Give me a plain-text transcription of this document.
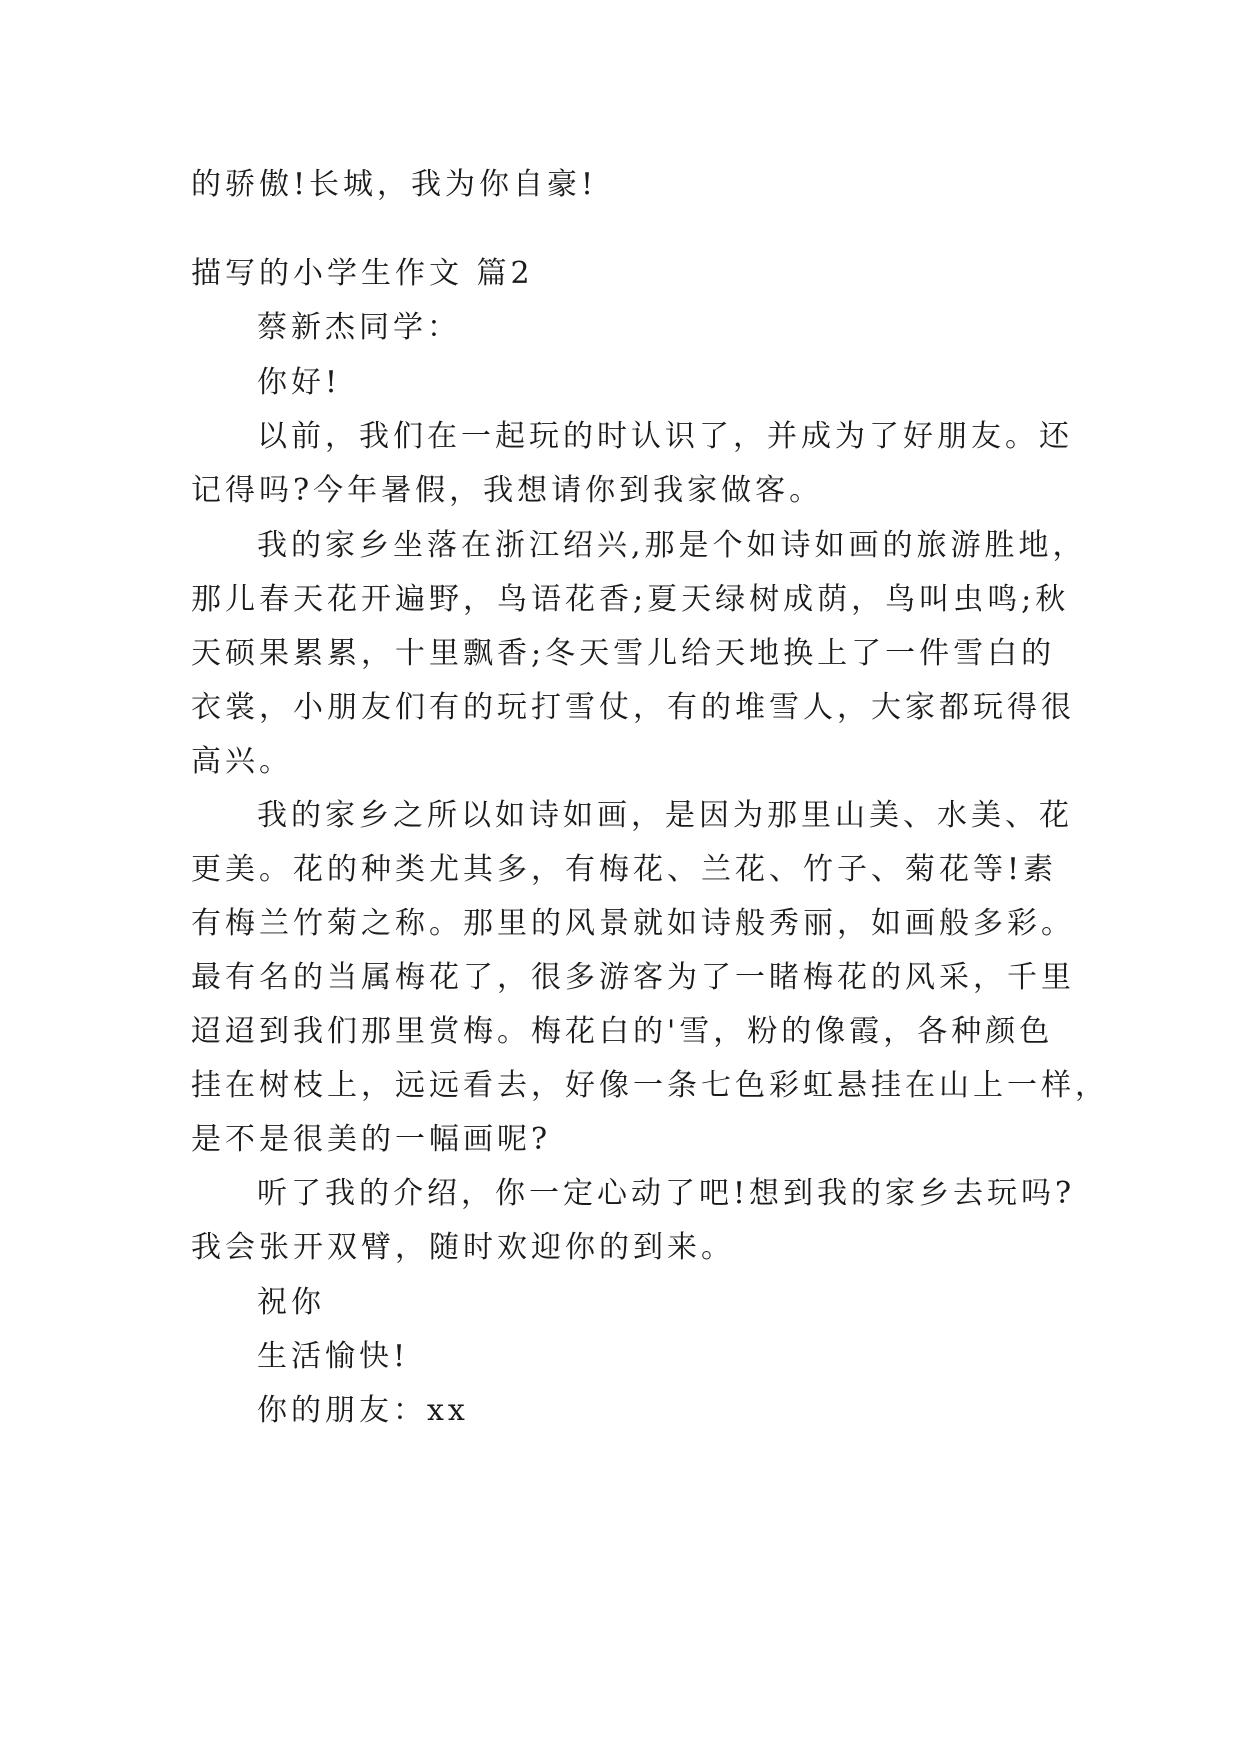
的骄傲!长城，我为你自豪!
描写的小学生作文 篇2
蔡新杰同学：
你好!
以前，我们在一起玩的时认识了，并成为了好朋友。还
记得吗?今年暑假，我想请你到我家做客。
我的家乡坐落在浙江绍兴,那是个如诗如画的旅游胜地，
那儿春天花开遍野，鸟语花香;夏天绿树成荫，鸟叫虫鸣;秋
天硕果累累，十里飘香;冬天雪儿给天地换上了一件雪白的
衣裳，小朋友们有的玩打雪仗，有的堆雪人，大家都玩得很
高兴。
我的家乡之所以如诗如画，是因为那里山美、水美、花
更美。花的种类尤其多，有梅花、兰花、竹子、菊花等!素
有梅兰竹菊之称。那里的风景就如诗般秀丽，如画般多彩。
最有名的当属梅花了，很多游客为了一睹梅花的风采，千里
迢迢到我们那里赏梅。梅花白的'雪，粉的像霞，各种颜色
挂在树枝上，远远看去，好像一条七色彩虹悬挂在山上一样，
是不是很美的一幅画呢?
听了我的介绍，你一定心动了吧!想到我的家乡去玩吗?
我会张开双臂，随时欢迎你的到来。
祝你
生活愉快!
你的朋友：xx
